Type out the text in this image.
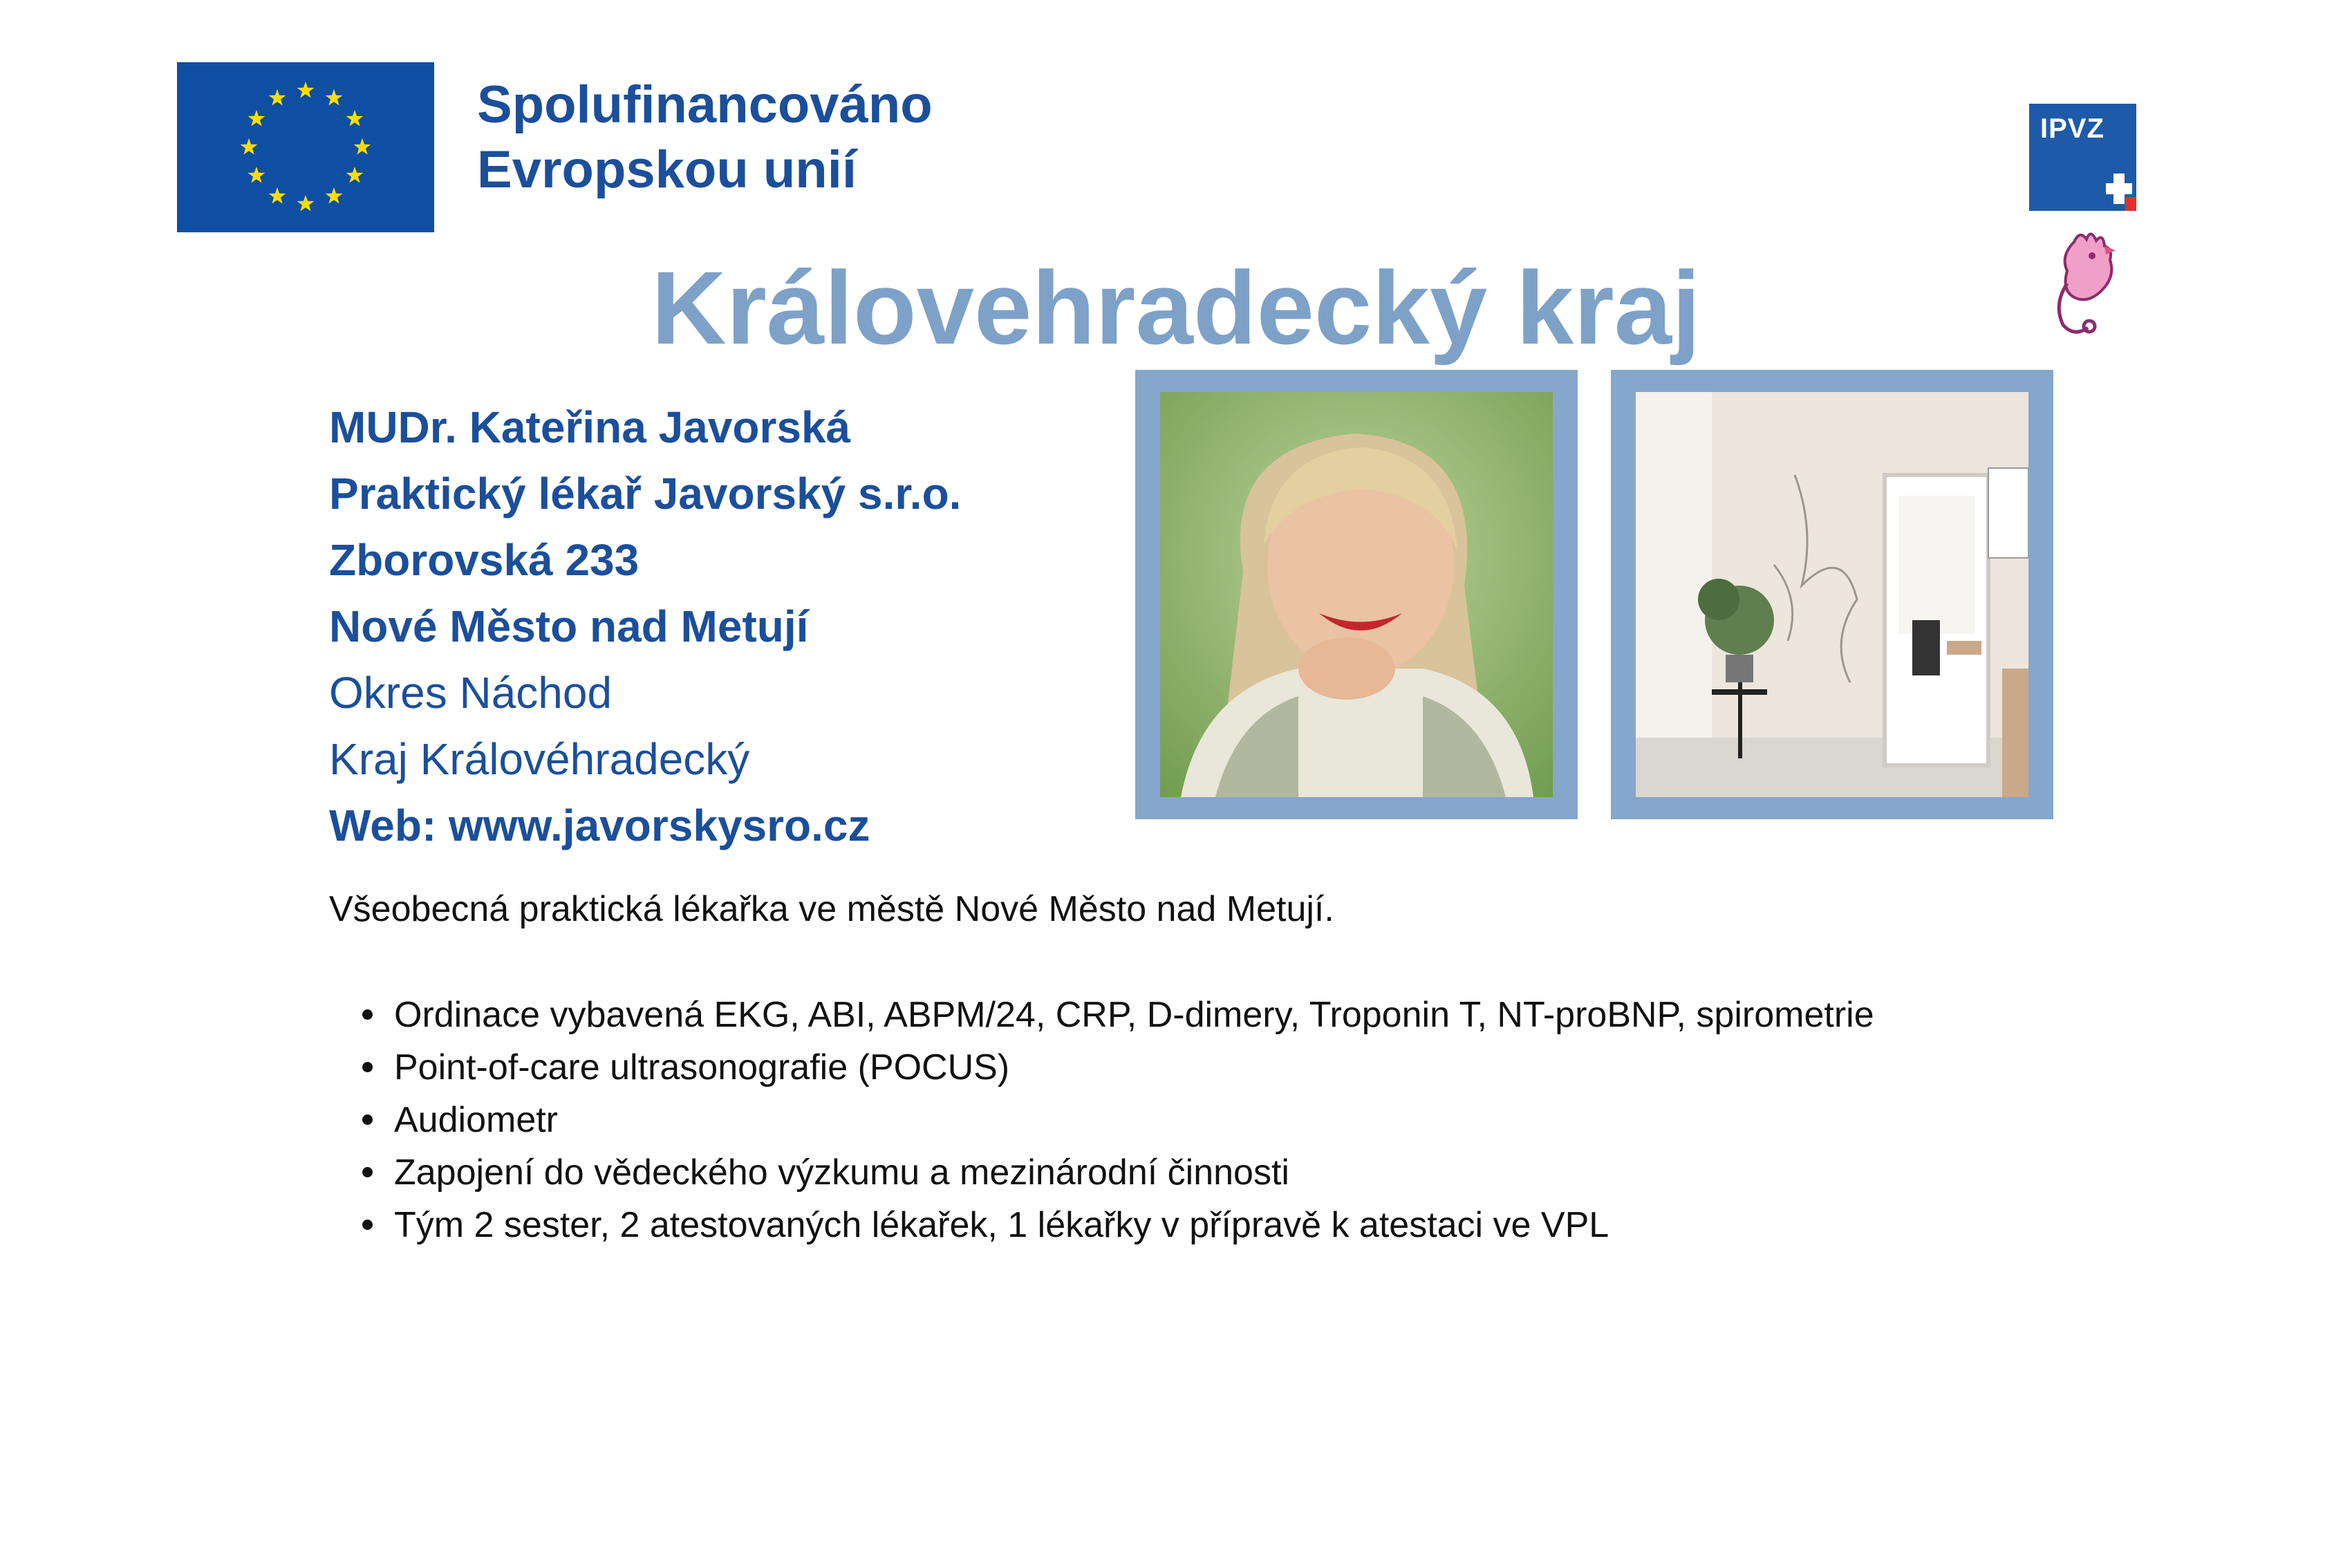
Spolufinancováno
Evropskou unií
IPVZ
Královehradecký kraj
MUDr. Kateřina Javorská
Praktický lékař Javorský s.r.o.
Zborovská 233
Nové Město nad Metují
Okres Náchod
Kraj Královéhradecký
Web: www.javorskysro.cz
Všeobecná praktická lékařka ve městě Nové Město nad Metují.
Ordinace vybavená EKG, ABI, ABPM/24, CRP, D-dimery, Troponin T, NT-proBNP, spirometrie
Point-of-care ultrasonografie (POCUS)
Audiometr
Zapojení do vědeckého výzkumu a mezinárodní činnosti
Tým 2 sester, 2 atestovaných lékařek, 1 lékařky v přípravě k atestaci ve VPL
